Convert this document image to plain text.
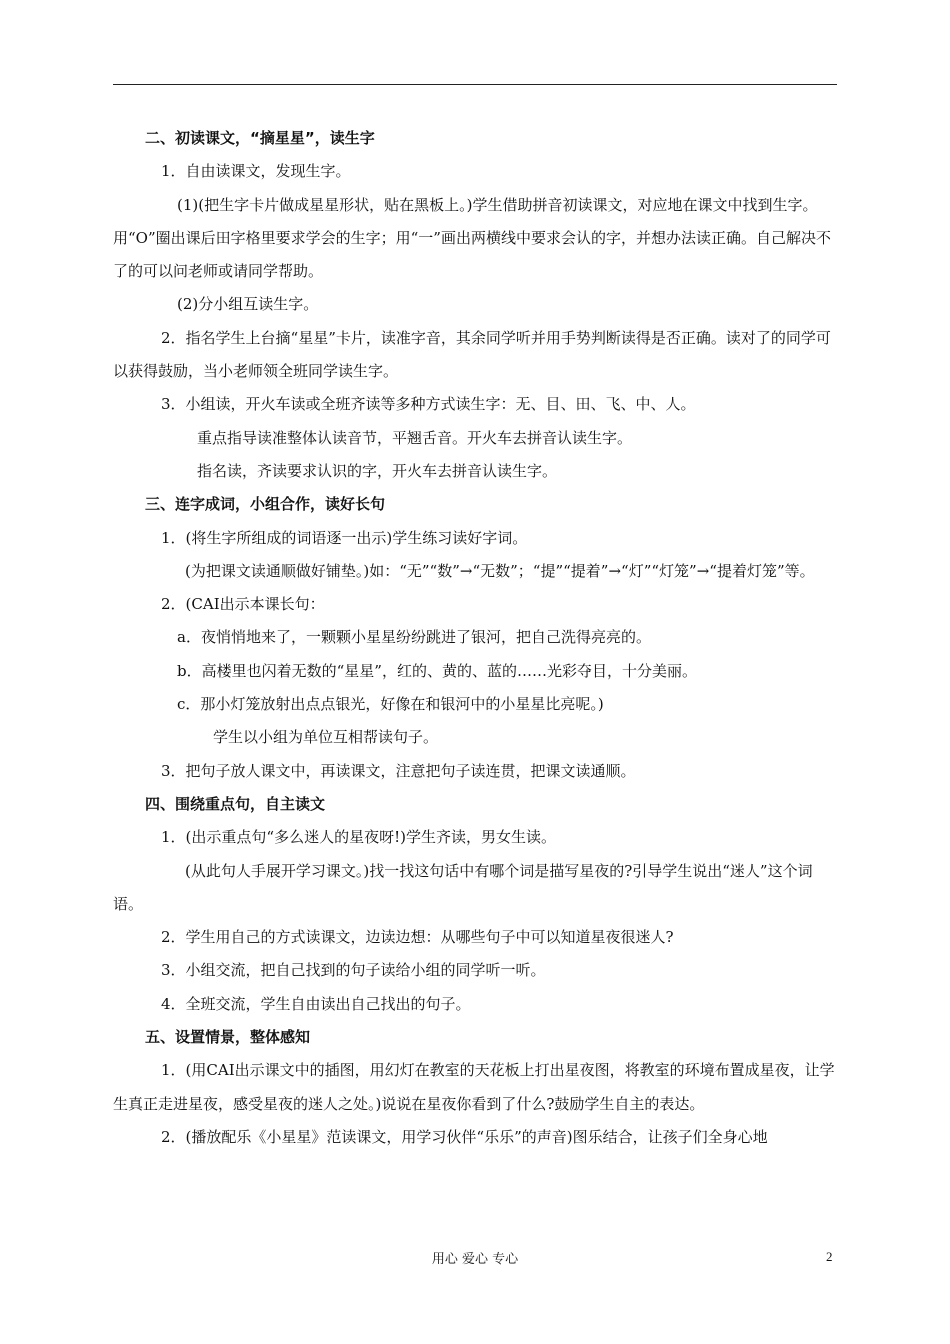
二、初读课文，“摘星星”，读生字

1．自由读课文，发现生字。

(1)(把生字卡片做成星星形状，贴在黑板上。)学生借助拼音初读课文，对应地在课文中找到生字。用“O”圈出课后田字格里要求学会的生字；用“一”画出两横线中要求会认的字，并想办法读正确。自己解决不了的可以问老师或请同学帮助。

(2)分小组互读生字。

2．指名学生上台摘“星星”卡片，读准字音，其余同学听并用手势判断读得是否正确。读对了的同学可以获得鼓励，当小老师领全班同学读生字。

3．小组读，开火车读或全班齐读等多种方式读生字：无、目、田、飞、中、人。

重点指导读准整体认读音节，平翘舌音。开火车去拼音认读生字。

指名读，齐读要求认识的字，开火车去拼音认读生字。

三、连字成词，小组合作，读好长句

1．(将生字所组成的词语逐一出示)学生练习读好字词。

(为把课文读通顺做好铺垫。)如：“无”“数”→“无数”；“提”“提着”→“灯”“灯笼”→“提着灯笼”等。

2．(CAI出示本课长句：

a．夜悄悄地来了，一颗颗小星星纷纷跳进了银河，把自己洗得亮亮的。

b．高楼里也闪着无数的“星星”，红的、黄的、蓝的……光彩夺目，十分美丽。

c．那小灯笼放射出点点银光，好像在和银河中的小星星比亮呢。)

学生以小组为单位互相帮读句子。

3．把句子放人课文中，再读课文，注意把句子读连贯，把课文读通顺。

四、围绕重点句，自主读文

1．(出示重点句“多么迷人的星夜呀!)学生齐读，男女生读。

(从此句人手展开学习课文。)找一找这句话中有哪个词是描写星夜的?引导学生说出“迷人”这个词语。

2．学生用自己的方式读课文，边读边想：从哪些句子中可以知道星夜很迷人?

3．小组交流，把自己找到的句子读给小组的同学听一听。

4．全班交流，学生自由读出自己找出的句子。

五、设置情景，整体感知

1．(用CAI出示课文中的插图，用幻灯在教室的天花板上打出星夜图，将教室的环境布置成星夜，让学生真正走进星夜，感受星夜的迷人之处。)说说在星夜你看到了什么?鼓励学生自主的表达。

2．(播放配乐《小星星》范读课文，用学习伙伴“乐乐”的声音)图乐结合，让孩子们全身心地

用心 爱心 专心	2
